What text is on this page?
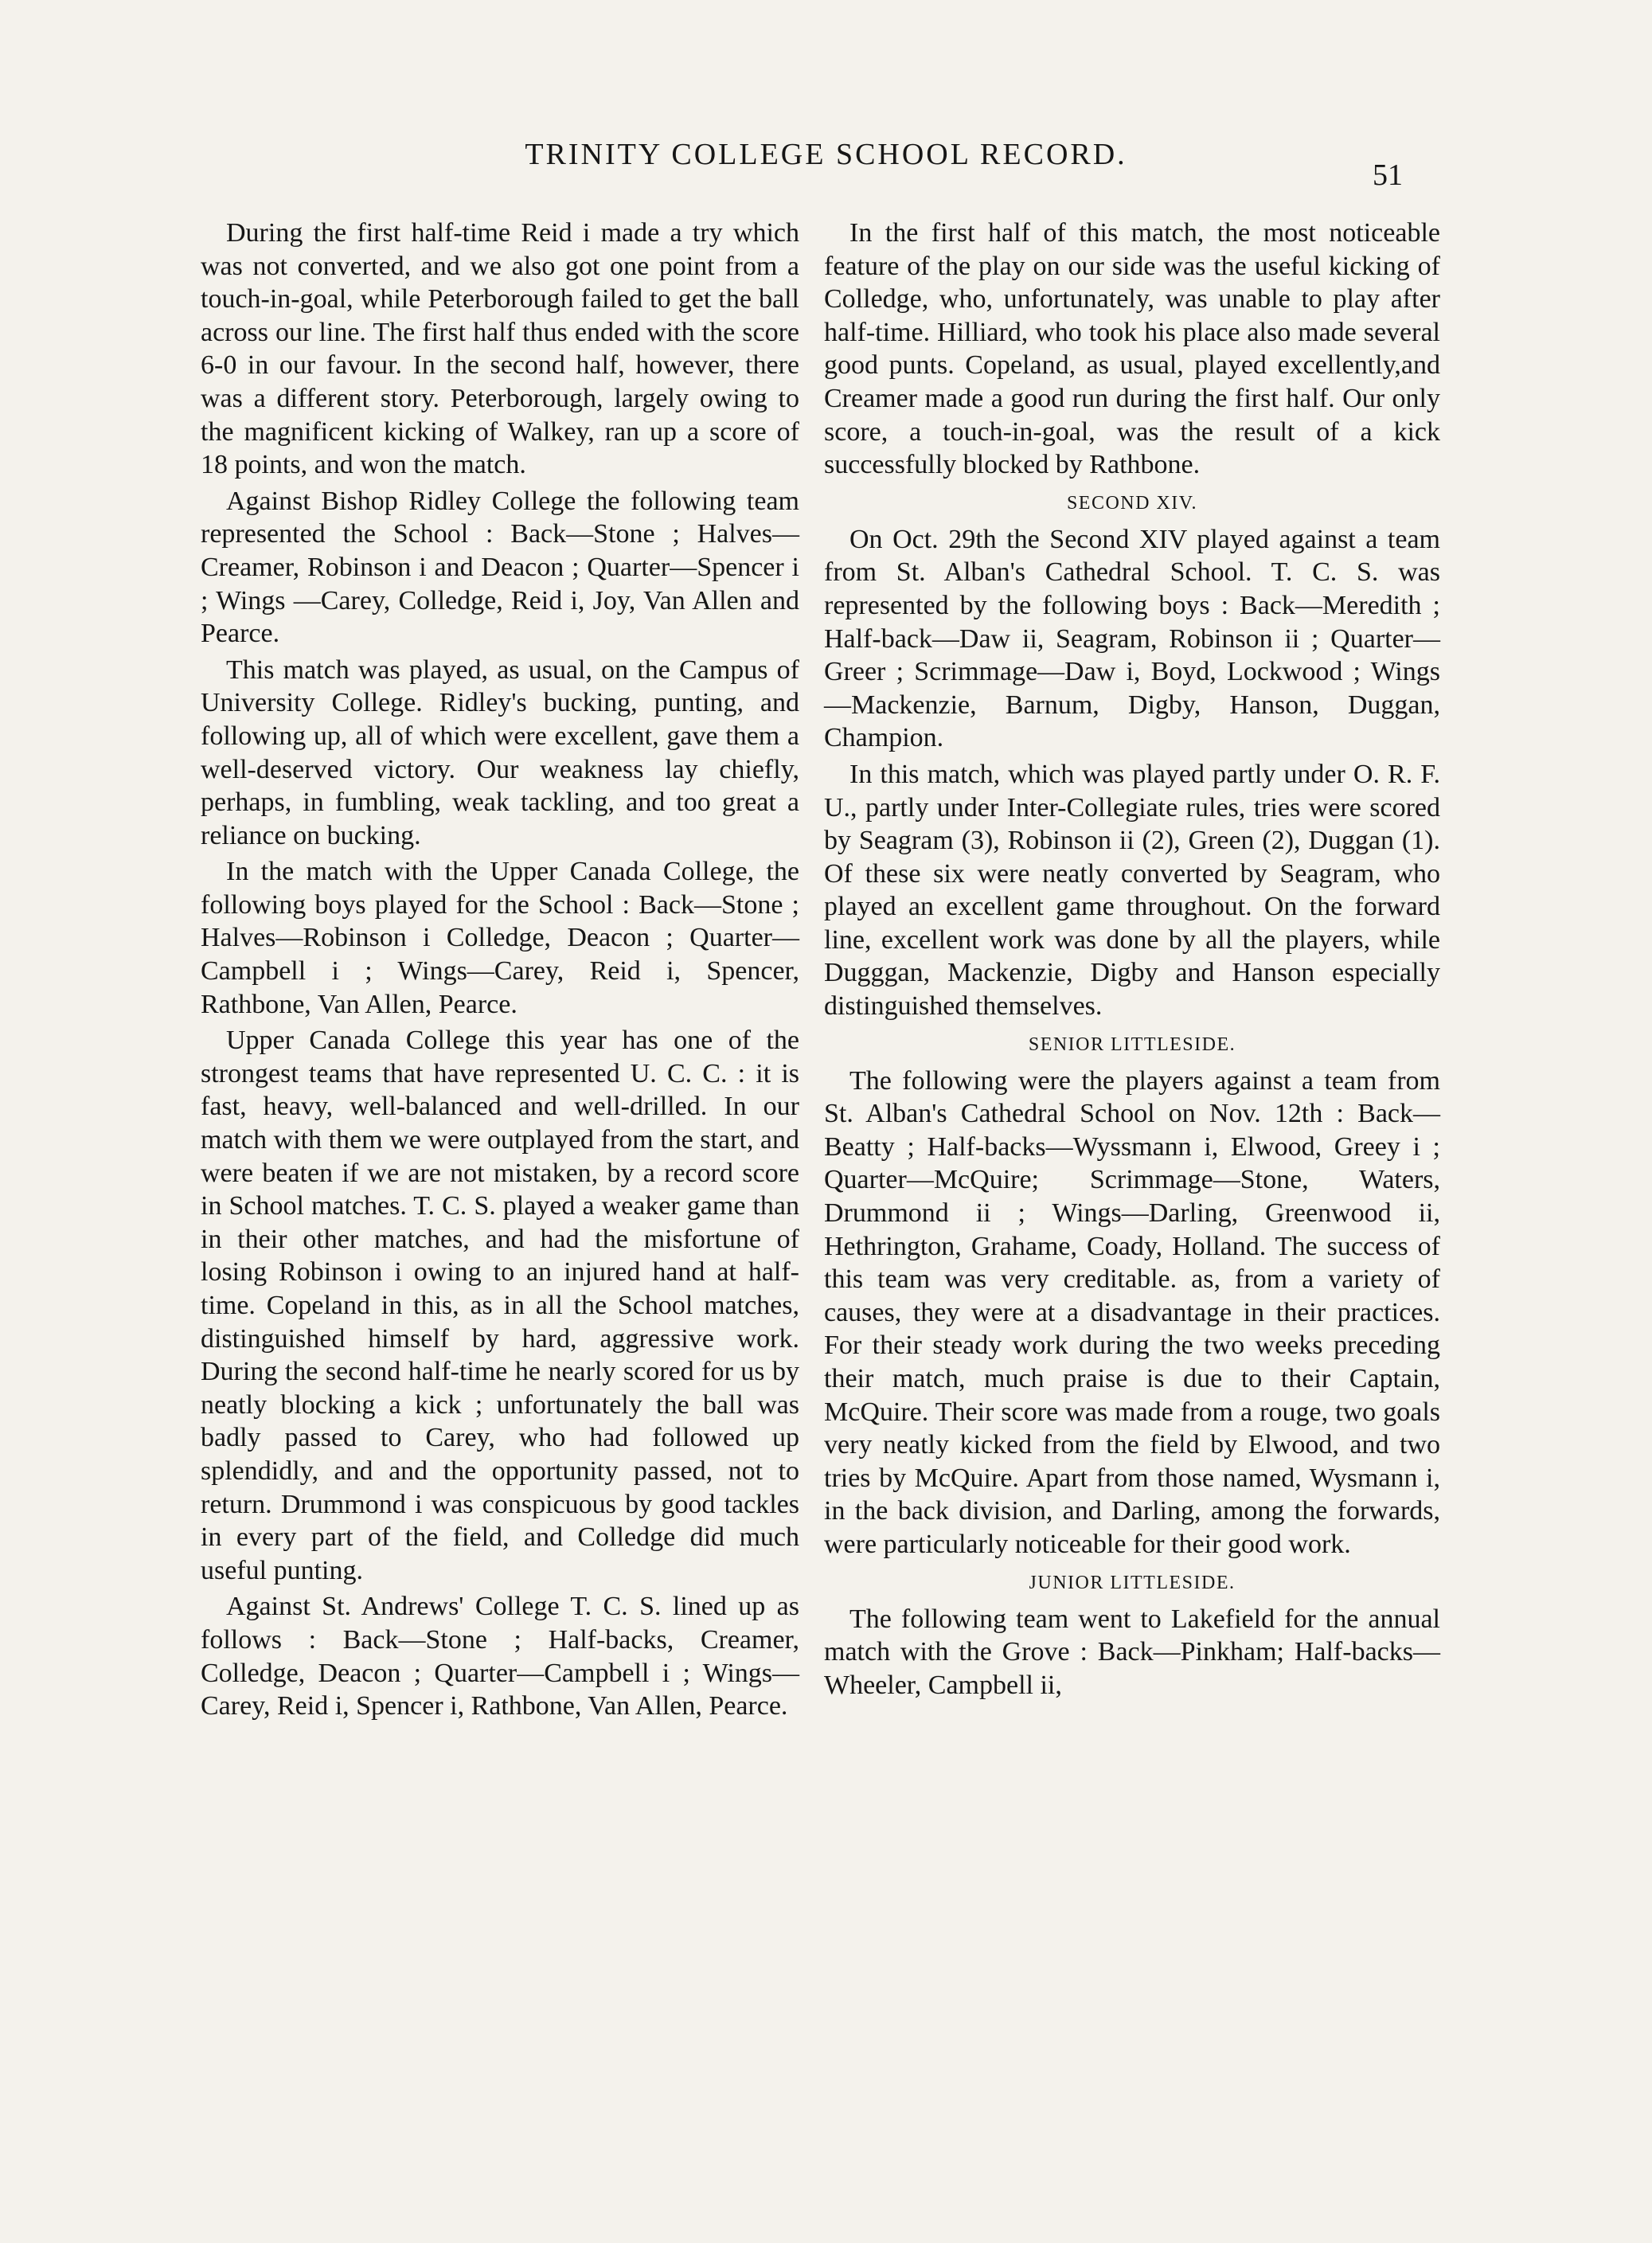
TRINITY COLLEGE SCHOOL RECORD.
51

During the first half-time Reid i made a try which was not converted, and we also got one point from a touch-in-goal, while Peterborough failed to get the ball across our line. The first half thus ended with the score 6-0 in our favour. In the second half, however, there was a different story. Peterborough, largely owing to the magnificent kicking of Walkey, ran up a score of 18 points, and won the match.

Against Bishop Ridley College the following team represented the School : Back—Stone ; Halves—Creamer, Robinson i and Deacon ; Quarter—Spencer i ; Wings —Carey, Colledge, Reid i, Joy, Van Allen and Pearce.

This match was played, as usual, on the Campus of University College. Ridley's bucking, punting, and following up, all of which were excellent, gave them a well-deserved victory. Our weakness lay chiefly, perhaps, in fumbling, weak tackling, and too great a reliance on bucking.

In the match with the Upper Canada College, the following boys played for the School : Back—Stone ; Halves—Robinson i Colledge, Deacon ; Quarter—Campbell i ; Wings—Carey, Reid i, Spencer, Rathbone, Van Allen, Pearce.

Upper Canada College this year has one of the strongest teams that have represented U. C. C. : it is fast, heavy, well-balanced and well-drilled. In our match with them we were outplayed from the start, and were beaten if we are not mistaken, by a record score in School matches. T. C. S. played a weaker game than in their other matches, and had the misfortune of losing Robinson i owing to an injured hand at half-time. Copeland in this, as in all the School matches, distinguished himself by hard, aggressive work. During the second half-time he nearly scored for us by neatly blocking a kick ; unfortunately the ball was badly passed to Carey, who had followed up splendidly, and and the opportunity passed, not to return. Drummond i was conspicuous by good tackles in every part of the field, and Colledge did much useful punting.

Against St. Andrews' College T. C. S. lined up as follows : Back—Stone ; Half-backs, Creamer, Colledge, Deacon ; Quarter—Campbell i ; Wings—Carey, Reid i, Spencer i, Rathbone, Van Allen, Pearce.

In the first half of this match, the most noticeable feature of the play on our side was the useful kicking of Colledge, who, unfortunately, was unable to play after half-time. Hilliard, who took his place also made several good punts. Copeland, as usual, played excellently,and Creamer made a good run during the first half. Our only score, a touch-in-goal, was the result of a kick successfully blocked by Rathbone.

SECOND XIV.

On Oct. 29th the Second XIV played against a team from St. Alban's Cathedral School. T. C. S. was represented by the following boys : Back—Meredith ; Half-back—Daw ii, Seagram, Robinson ii ; Quarter—Greer ; Scrimmage—Daw i, Boyd, Lockwood ; Wings—Mackenzie, Barnum, Digby, Hanson, Duggan, Champion.

In this match, which was played partly under O. R. F. U., partly under Inter-Collegiate rules, tries were scored by Seagram (3), Robinson ii (2), Green (2), Duggan (1). Of these six were neatly converted by Seagram, who played an excellent game throughout. On the forward line, excellent work was done by all the players, while Dugggan, Mackenzie, Digby and Hanson especially distinguished themselves.

SENIOR LITTLESIDE.

The following were the players against a team from St. Alban's Cathedral School on Nov. 12th : Back— Beatty ; Half-backs—Wyssmann i, Elwood, Greey i ; Quarter—McQuire; Scrimmage—Stone, Waters, Drummond ii ; Wings—Darling, Greenwood ii, Hethrington, Grahame, Coady, Holland. The success of this team was very creditable. as, from a variety of causes, they were at a disadvantage in their practices. For their steady work during the two weeks preceding their match, much praise is due to their Captain, McQuire. Their score was made from a rouge, two goals very neatly kicked from the field by Elwood, and two tries by McQuire. Apart from those named, Wysmann i, in the back division, and Darling, among the forwards, were particularly noticeable for their good work.

JUNIOR LITTLESIDE.

The following team went to Lakefield for the annual match with the Grove : Back—Pinkham; Half-backs—Wheeler, Campbell ii,
